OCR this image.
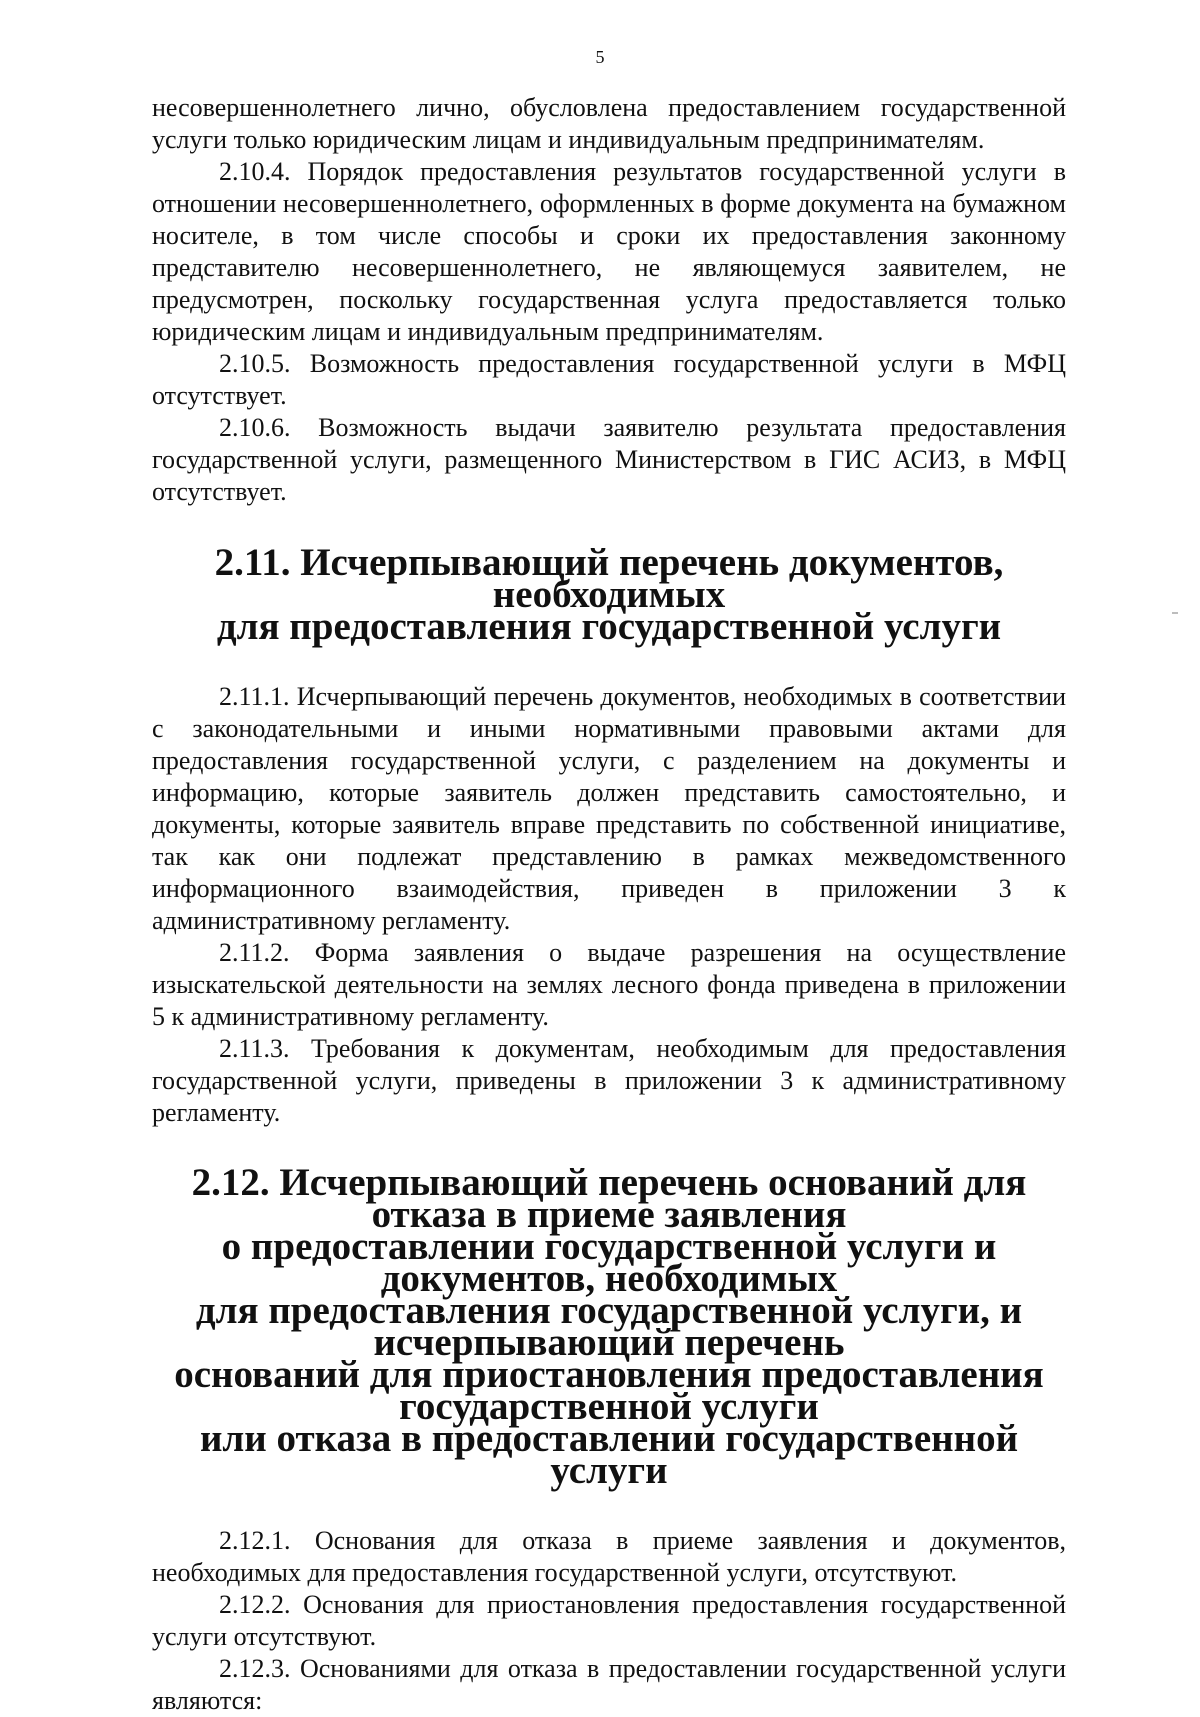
5

несовершеннолетнего лично, обусловлена предоставлением государственной услуги только юридическим лицам и индивидуальным предпринимателям.

2.10.4. Порядок предоставления результатов государственной услуги в отношении несовершеннолетнего, оформленных в форме документа на бумажном носителе, в том числе способы и сроки их предоставления законному представителю несовершеннолетнего, не являющемуся заявителем, не предусмотрен, поскольку государственная услуга предоставляется только юридическим лицам и индивидуальным предпринимателям.

2.10.5. Возможность предоставления государственной услуги в МФЦ отсутствует.

2.10.6. Возможность выдачи заявителю результата предоставления государственной услуги, размещенного Министерством в ГИС АСИЗ, в МФЦ отсутствует.

2.11. Исчерпывающий перечень документов, необходимых
для предоставления государственной услуги

2.11.1. Исчерпывающий перечень документов, необходимых в соответствии с законодательными и иными нормативными правовыми актами для предоставления государственной услуги, с разделением на документы и информацию, которые заявитель должен представить самостоятельно, и документы, которые заявитель вправе представить по собственной инициативе, так как они подлежат представлению в рамках межведомственного информационного взаимодействия, приведен в приложении 3 к административному регламенту.

2.11.2. Форма заявления о выдаче разрешения на осуществление изыскательской деятельности на землях лесного фонда приведена в приложении 5 к административному регламенту.

2.11.3. Требования к документам, необходимым для предоставления государственной услуги, приведены в приложении 3 к административному регламенту.

2.12. Исчерпывающий перечень оснований для отказа в приеме заявления
о предоставлении государственной услуги и документов, необходимых
для предоставления государственной услуги, и исчерпывающий перечень
оснований для приостановления предоставления государственной услуги
или отказа в предоставлении государственной услуги

2.12.1. Основания для отказа в приеме заявления и документов, необходимых для предоставления государственной услуги, отсутствуют.

2.12.2. Основания для приостановления предоставления государственной услуги отсутствуют.

2.12.3. Основаниями для отказа в предоставлении государственной услуги являются:
